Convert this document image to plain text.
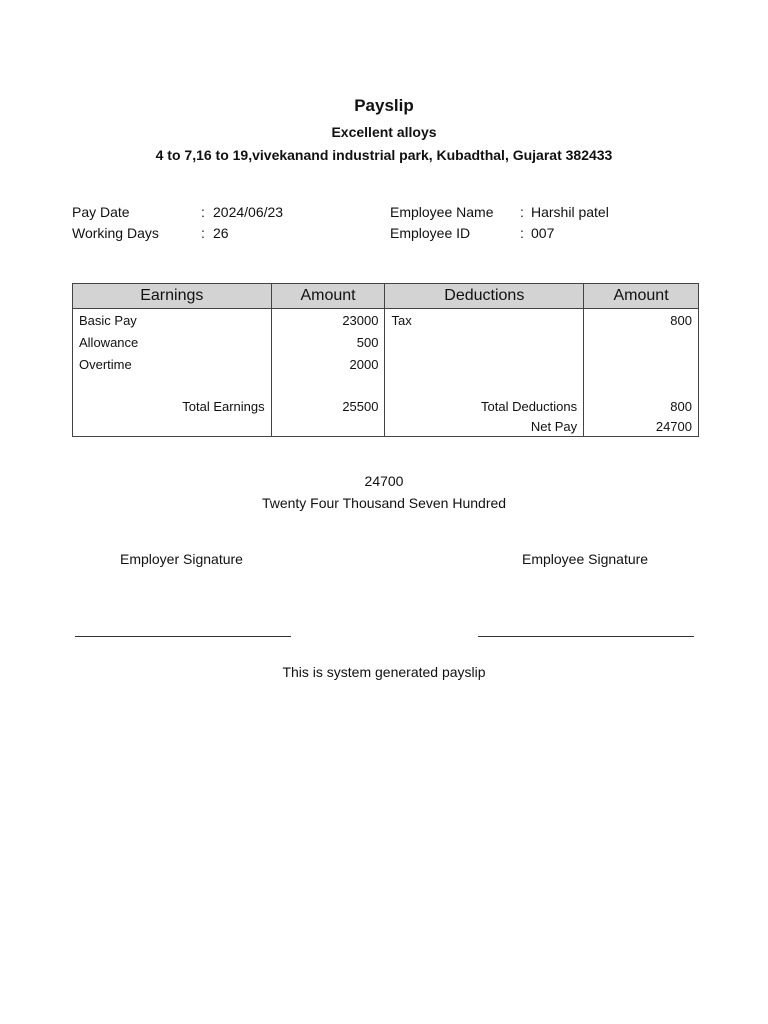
Payslip
Excellent alloys
4 to 7,16 to 19,vivekanand industrial park, Kubadthal, Gujarat 382433
Pay Date	: 2024/06/23
Working Days	: 26
Employee Name : Harshil patel
Employee ID	: 007
Earnings	Amount	Deductions	Amount
Basic Pay	23000	Tax	800
Allowance	500		
Overtime	2000		

Total Earnings	25500	Total Deductions	800
		Net Pay	24700
24700
Twenty Four Thousand Seven Hundred
Employer Signature	Employee Signature
This is system generated payslip
